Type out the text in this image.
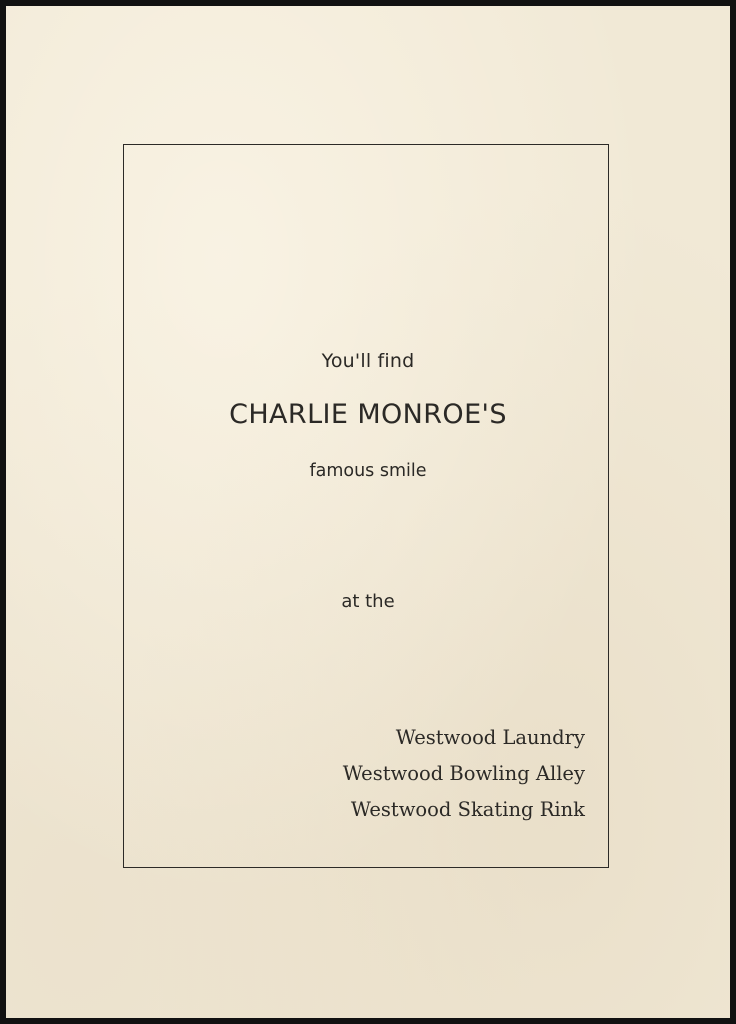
You'll find

CHARLIE MONROE'S

famous smile

at the

Westwood Laundry
Westwood Bowling Alley
Westwood Skating Rink
